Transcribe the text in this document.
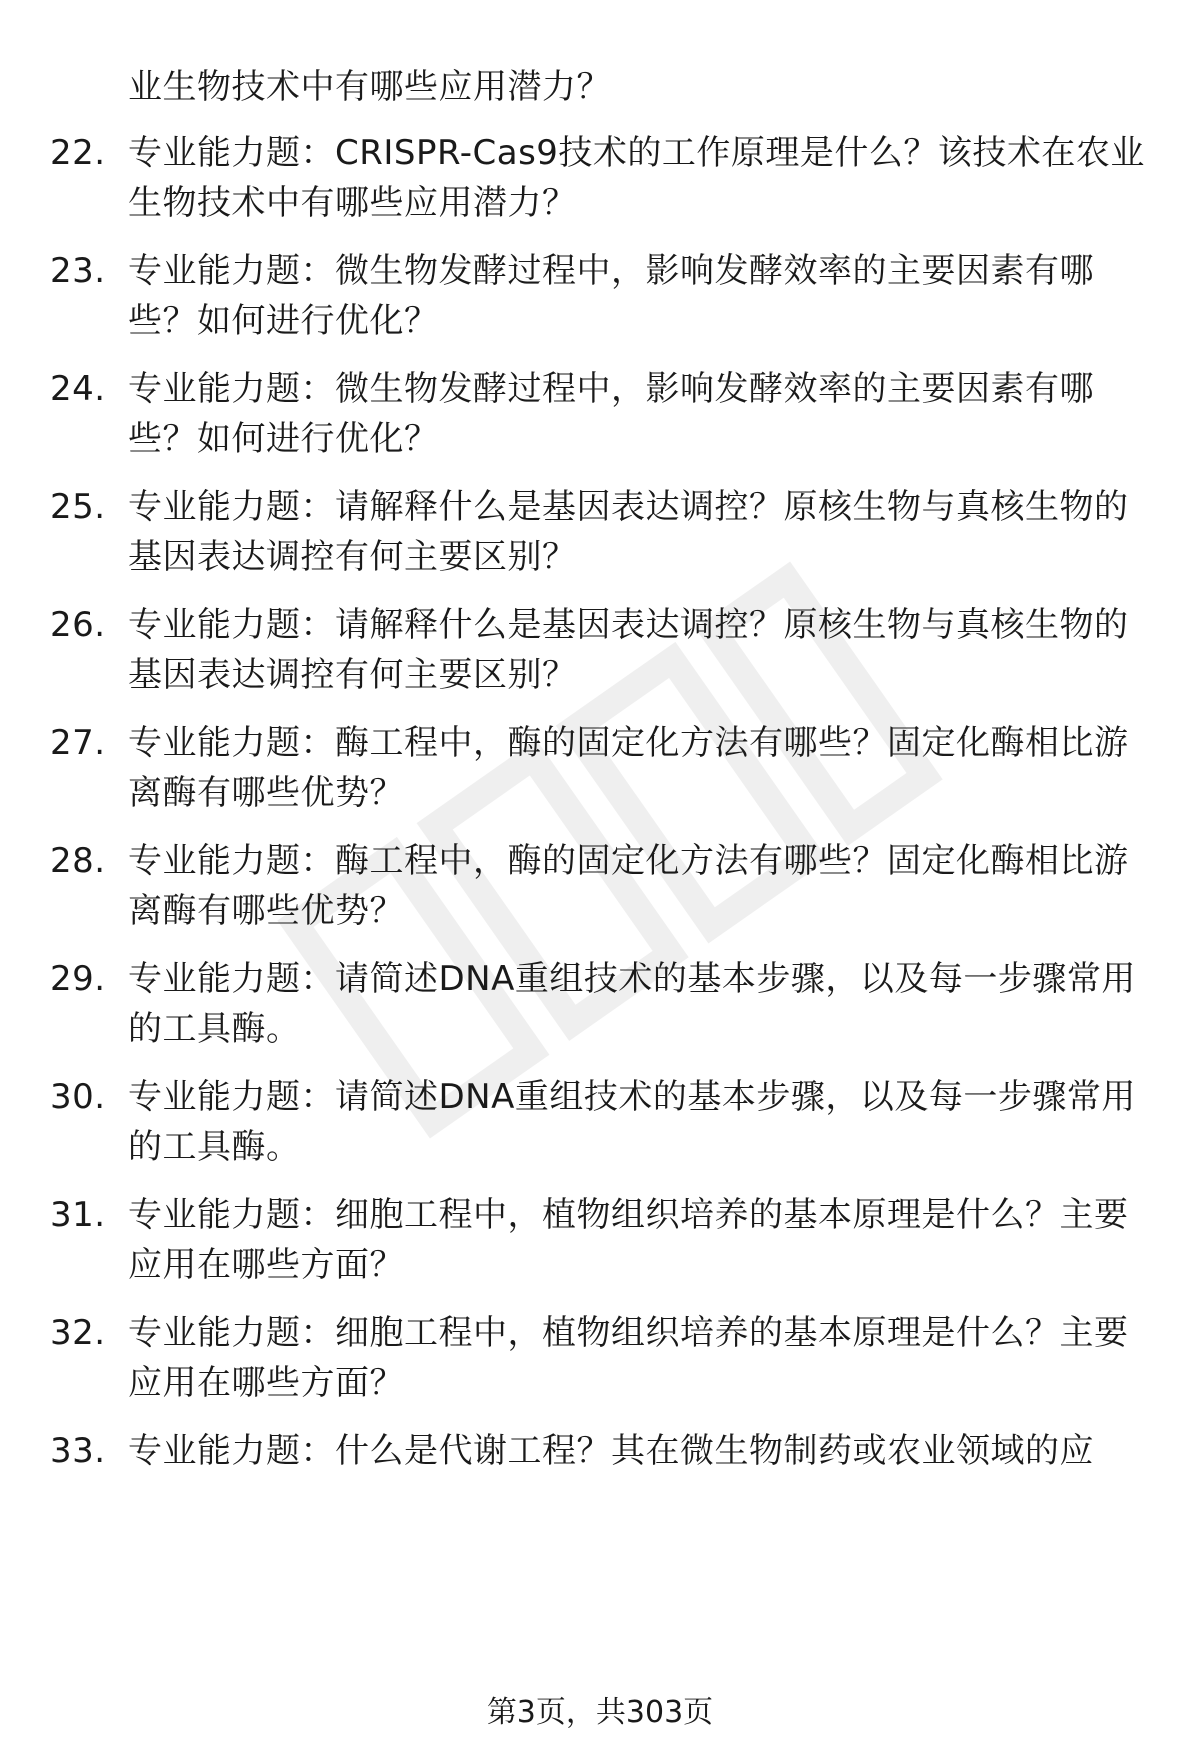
业生物技术中有哪些应用潜力？
22. 专业能力题：CRISPR-Cas9技术的工作原理是什么？该技术在农业生物技术中有哪些应用潜力？
23. 专业能力题：微生物发酵过程中，影响发酵效率的主要因素有哪些？如何进行优化？
24. 专业能力题：微生物发酵过程中，影响发酵效率的主要因素有哪些？如何进行优化？
25. 专业能力题：请解释什么是基因表达调控？原核生物与真核生物的基因表达调控有何主要区别？
26. 专业能力题：请解释什么是基因表达调控？原核生物与真核生物的基因表达调控有何主要区别？
27. 专业能力题：酶工程中，酶的固定化方法有哪些？固定化酶相比游离酶有哪些优势？
28. 专业能力题：酶工程中，酶的固定化方法有哪些？固定化酶相比游离酶有哪些优势？
29. 专业能力题：请简述DNA重组技术的基本步骤，以及每一步骤常用的工具酶。
30. 专业能力题：请简述DNA重组技术的基本步骤，以及每一步骤常用的工具酶。
31. 专业能力题：细胞工程中，植物组织培养的基本原理是什么？主要应用在哪些方面？
32. 专业能力题：细胞工程中，植物组织培养的基本原理是什么？主要应用在哪些方面？
33. 专业能力题：什么是代谢工程？其在微生物制药或农业领域的应
第3页，共303页
